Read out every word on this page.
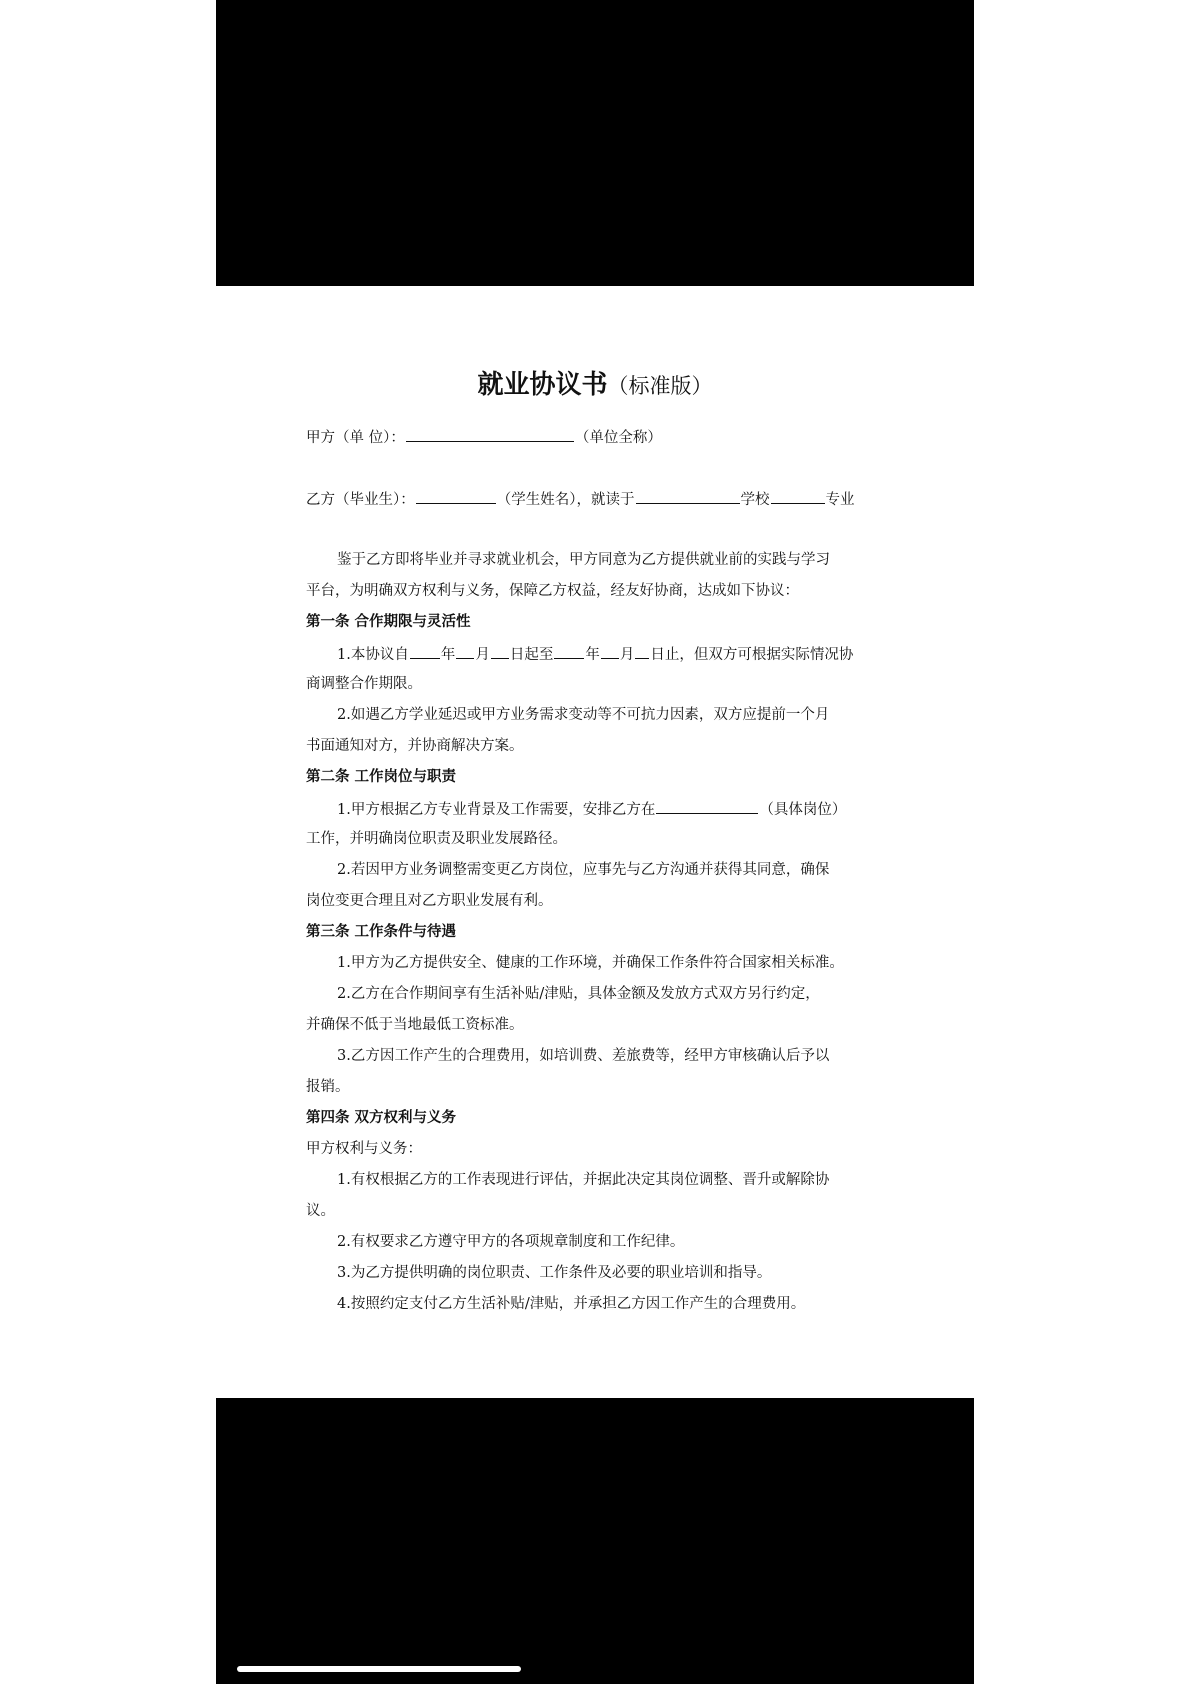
就业协议书（标准版）
甲方（单 位）：	（单位全称）
乙方（毕业生）：	（学生姓名），就读于	学校	专业
鉴于乙方即将毕业并寻求就业机会，甲方同意为乙方提供就业前的实践与学习
平台，为明确双方权利与义务，保障乙方权益，经友好协商，达成如下协议：
第一条 合作期限与灵活性
1.本协议自 年 月 日起至 年 月 日止，但双方可根据实际情况协
商调整合作期限。
2.如遇乙方学业延迟或甲方业务需求变动等不可抗力因素，双方应提前一个月
书面通知对方，并协商解决方案。
第二条 工作岗位与职责
1.甲方根据乙方专业背景及工作需要，安排乙方在	（具体岗位）
工作，并明确岗位职责及职业发展路径。
2.若因甲方业务调整需变更乙方岗位，应事先与乙方沟通并获得其同意，确保
岗位变更合理且对乙方职业发展有利。
第三条 工作条件与待遇
1.甲方为乙方提供安全、健康的工作环境，并确保工作条件符合国家相关标准。
2.乙方在合作期间享有生活补贴/津贴，具体金额及发放方式双方另行约定，
并确保不低于当地最低工资标准。
3.乙方因工作产生的合理费用，如培训费、差旅费等，经甲方审核确认后予以
报销。
第四条 双方权利与义务
甲方权利与义务：
1.有权根据乙方的工作表现进行评估，并据此决定其岗位调整、晋升或解除协
议。
2.有权要求乙方遵守甲方的各项规章制度和工作纪律。
3.为乙方提供明确的岗位职责、工作条件及必要的职业培训和指导。
4.按照约定支付乙方生活补贴/津贴，并承担乙方因工作产生的合理费用。
